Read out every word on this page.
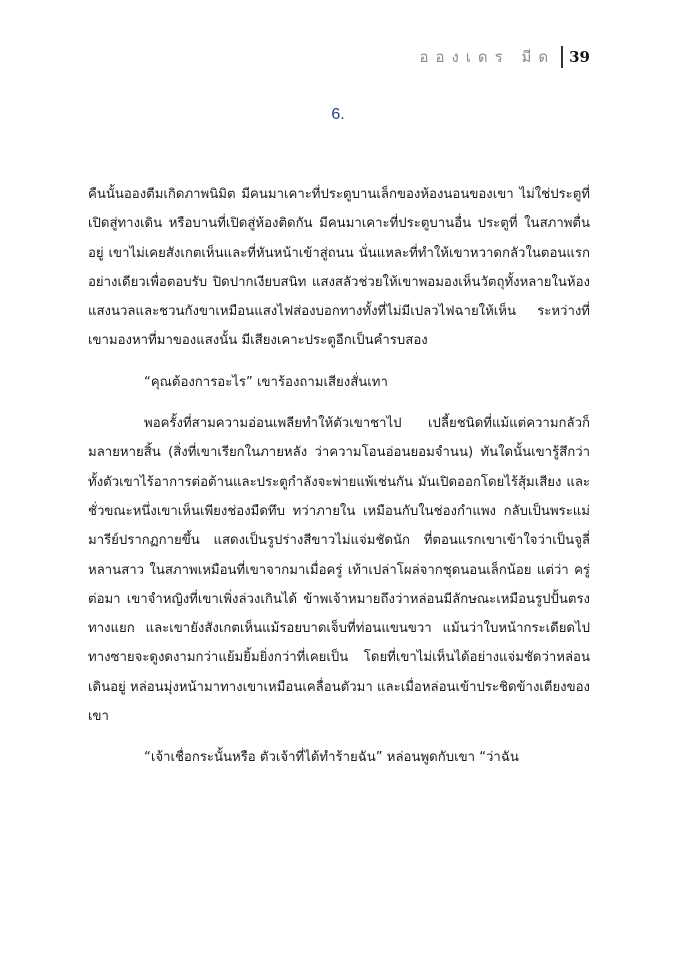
อองเดร มีด 39
6.

คืนนั้นอองตีมเกิดภาพนิมิต มีคนมาเคาะที่ประตูบานเล็กของห้องนอนของเขา ไม่ใช่ประตูที่เปิดสู่ทางเดิน หรือบานที่เปิดสู่ห้องติดกัน มีคนมาเคาะที่ประตูบานอื่น ประตูที่ ในสภาพตื่นอยู่ เขาไม่เคยสังเกตเห็นและที่หันหน้าเข้าสู่ถนน นั่นแหละที่ทำให้เขาหวาดกลัวในตอนแรก อย่างเดียวเพื่อตอบรับ ปิดปากเงียบสนิท แสงสลัวช่วยให้เขาพอมองเห็นวัตถุทั้งหลายในห้อง แสงนวลและชวนกังขาเหมือนแสงไฟส่องบอกทางทั้งที่ไม่มีเปลวไฟฉายให้เห็น ระหว่างที่เขามองหาที่มาของแสงนั้น มีเสียงเคาะประตูอีกเป็นคำรบสอง

“คุณต้องการอะไร” เขาร้องถามเสียงสั่นเทา

พอครั้งที่สามความอ่อนเพลียทำให้ตัวเขาชาไป เปลี้ยชนิดที่แม้แต่ความกลัวก็มลายหายสิ้น (สิ่งที่เขาเรียกในภายหลัง ว่าความโอนอ่อนยอมจำนน) ทันใดนั้นเขารู้สึกว่าทั้งตัวเขาไร้อาการต่อต้านและประตูกำลังจะพ่ายแพ้เช่นกัน มันเปิดออกโดยไร้สุ้มเสียง และชั่วขณะหนึ่งเขาเห็นเพียงช่องมืดทึบ ทว่าภายใน เหมือนกับในช่องกำแพง กลับเป็นพระแม่มารีย์ปรากฏกายขึ้น แสดงเป็นรูปร่างสีขาวไม่แจ่มชัดนัก ที่ตอนแรกเขาเข้าใจว่าเป็นจูลี่หลานสาว ในสภาพเหมือนที่เขาจากมาเมื่อครู่ เท้าเปล่าโผล่จากชุดนอนเล็กน้อย แต่ว่า ครู่ต่อมา เขาจำหญิงที่เขาเพิ่งล่วงเกินได้ ข้าพเจ้าหมายถึงว่าหล่อนมีลักษณะเหมือนรูปปั้นตรงทางแยก และเขายังสังเกตเห็นแม้รอยบาดเจ็บที่ท่อนแขนขวา แม้นว่าใบหน้ากระเดียดไปทางซายจะดูงดงามกว่าแย้มยิ้มยิ่งกว่าที่เคยเป็น โดยที่เขาไม่เห็นได้อย่างแจ่มชัดว่าหล่อนเดินอยู่ หล่อนมุ่งหน้ามาทางเขาเหมือนเคลื่อนตัวมา และเมื่อหล่อนเข้าประชิดข้างเตียงของเขา

“เจ้าเชื่อกระนั้นหรือ ตัวเจ้าที่ได้ทำร้ายฉัน” หล่อนพูดกับเขา “ว่าฉัน
